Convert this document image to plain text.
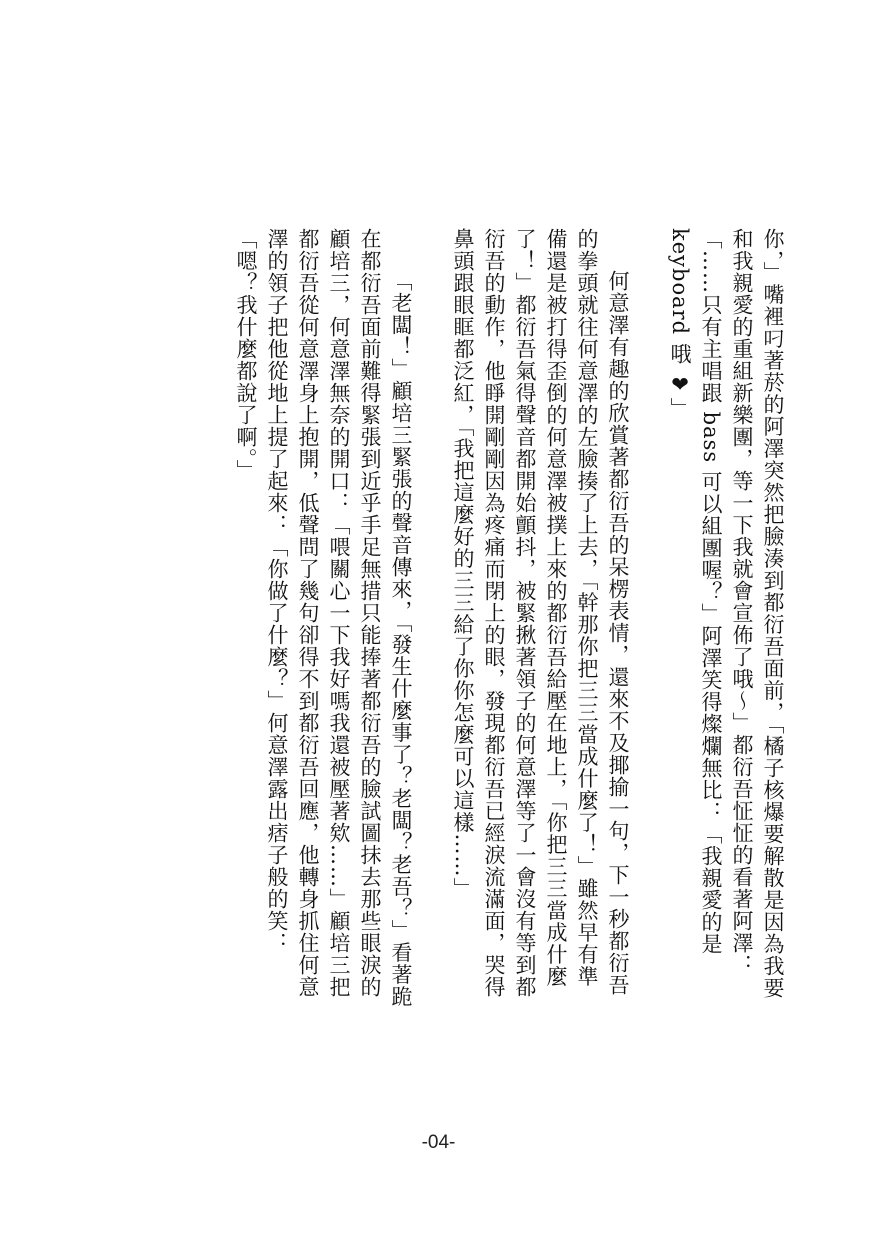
你，」嘴裡叼著菸的阿澤突然把臉湊到都衍吾面前，「橘子核爆要解散是因為我要和我親愛的重組新樂團，等一下我就會宣佈了哦～」都衍吾怔怔的看著阿澤：「……只有主唱跟 bass 可以組團喔？」阿澤笑得燦爛無比：「我親愛的是 keyboard 哦 ❤」

何意澤有趣的欣賞著都衍吾的呆楞表情，還來不及揶揄一句，下一秒都衍吾的拳頭就往何意澤的左臉揍了上去，「幹那你把三三當成什麼了！」雖然早有準備還是被打得歪倒的何意澤被撲上來的都衍吾給壓在地上，「你把三三當成什麼了！」都衍吾氣得聲音都開始顫抖，被緊揪著領子的何意澤等了一會沒有等到都衍吾的動作，他睜開剛剛因為疼痛而閉上的眼，發現都衍吾已經淚流滿面，哭得鼻頭跟眼眶都泛紅，「我把這麼好的三三給了你你怎麼可以這樣……」

「老闆！」顧培三緊張的聲音傳來，「發生什麼事了？老闆？老吾？」看著跪在都衍吾面前難得緊張到近乎手足無措只能捧著都衍吾的臉試圖抹去那些眼淚的顧培三，何意澤無奈的開口：「喂關心一下我好嗎我還被壓著欸……」顧培三把都衍吾從何意澤身上抱開，低聲問了幾句卻得不到都衍吾回應，他轉身抓住何意澤的領子把他從地上提了起來：「你做了什麼？」何意澤露出痞子般的笑：「嗯？我什麼都說了啊。」

-04-
